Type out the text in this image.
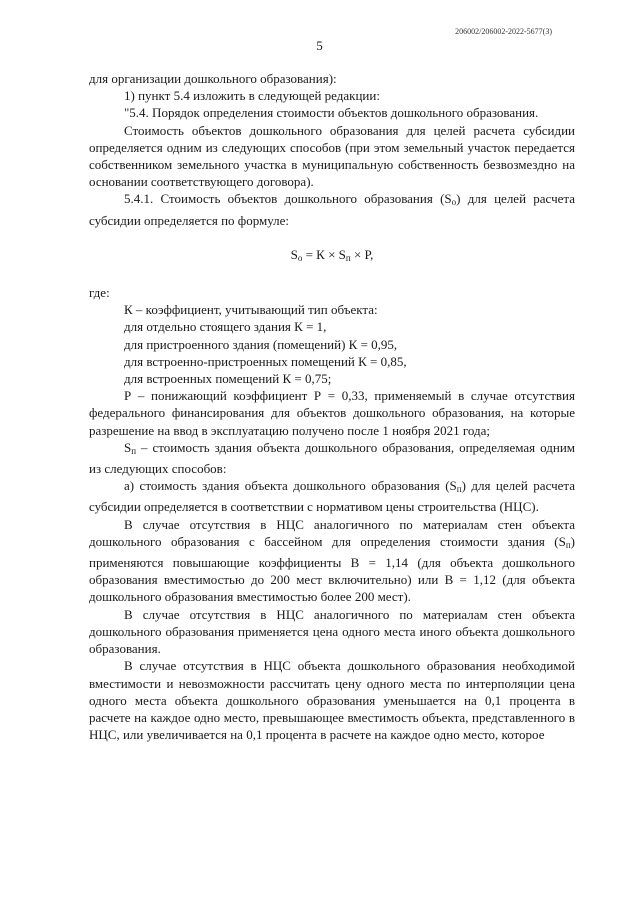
206002/206002-2022-5677(3)
5

для организации дошкольного образования):

1) пункт 5.4 изложить в следующей редакции:

"5.4. Порядок определения стоимости объектов дошкольного образования.

Стоимость объектов дошкольного образования для целей расчета субсидии определяется одним из следующих способов (при этом земельный участок передается собственником земельного участка в муниципальную собственность безвозмездно на основании соответствующего договора).

5.4.1. Стоимость объектов дошкольного образования $(S_о)$ для целей расчета субсидии определяется по формуле:

$S_о = К \times S_п \times Р$,

где:

К – коэффициент, учитывающий тип объекта:

для отдельно стоящего здания К = 1,

для пристроенного здания (помещений) К = 0,95,

для встроенно-пристроенных помещений К = 0,85,

для встроенных помещений К = 0,75;

Р – понижающий коэффициент Р = 0,33, применяемый в случае отсутствия федерального финансирования для объектов дошкольного образования, на которые разрешение на ввод в эксплуатацию получено после 1 ноября 2021 года;

$S_п$ – стоимость здания объекта дошкольного образования, определяемая одним из следующих способов:

а) стоимость здания объекта дошкольного образования $(S_п)$ для целей расчета субсидии определяется в соответствии с нормативом цены строительства (НЦС).

В случае отсутствия в НЦС аналогичного по материалам стен объекта дошкольного образования с бассейном для определения стоимости здания $(S_п)$ применяются повышающие коэффициенты В = 1,14 (для объекта дошкольного образования вместимостью до 200 мест включительно) или В = 1,12 (для объекта дошкольного образования вместимостью более 200 мест).

В случае отсутствия в НЦС аналогичного по материалам стен объекта дошкольного образования применяется цена одного места иного объекта дошкольного образования.

В случае отсутствия в НЦС объекта дошкольного образования необходимой вместимости и невозможности рассчитать цену одного места по интерполяции цена одного места объекта дошкольного образования уменьшается на 0,1 процента в расчете на каждое одно место, превышающее вместимость объекта, представленного в НЦС, или увеличивается на 0,1 процента в расчете на каждое одно место, которое
